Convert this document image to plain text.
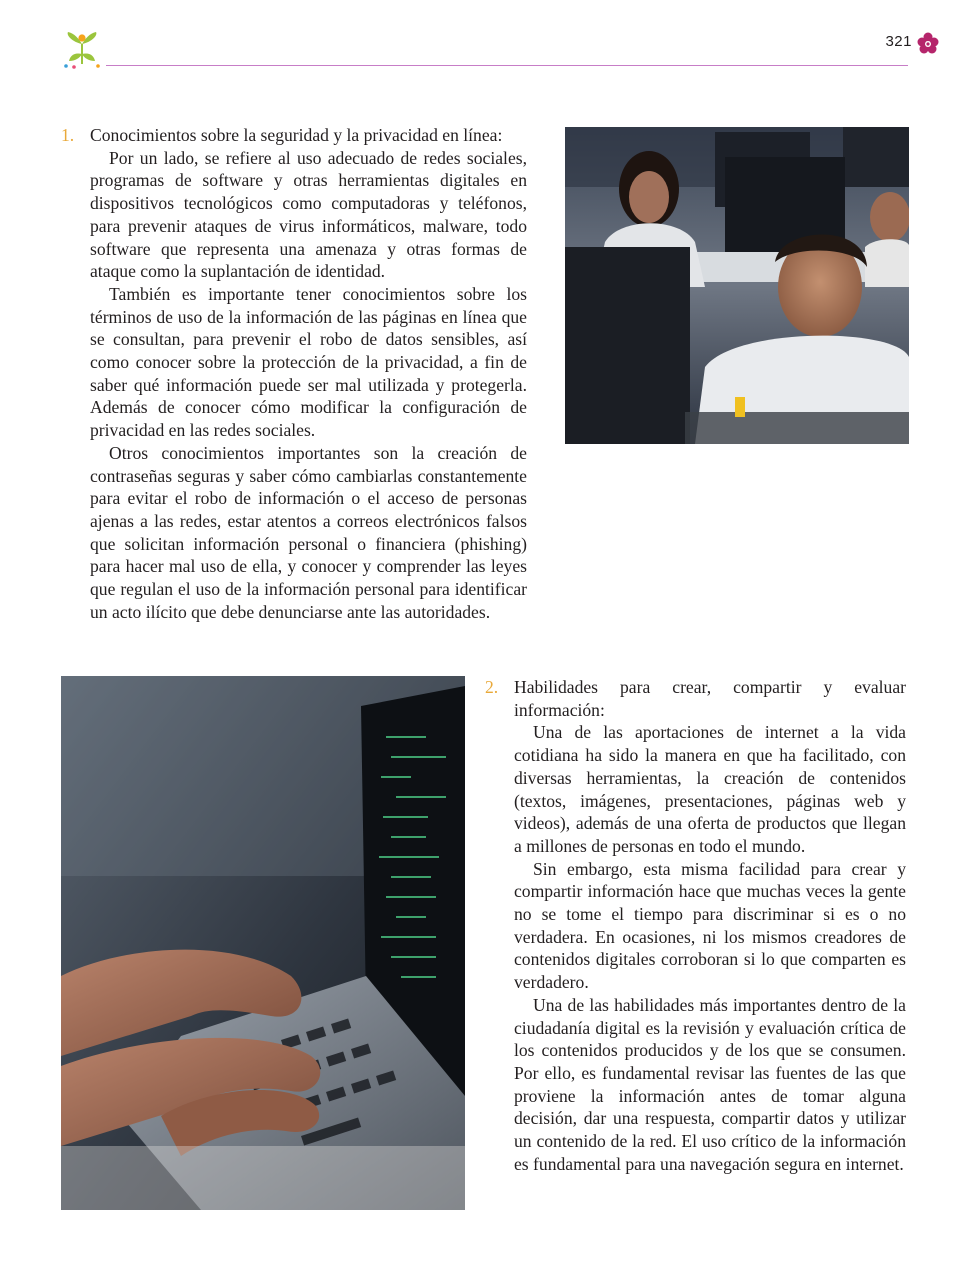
321
1. Conocimientos sobre la seguridad y la privacidad en línea:

Por un lado, se refiere al uso adecuado de redes sociales, programas de software y otras herramientas digitales en dispositivos tecnológicos como computadoras y teléfonos, para prevenir ataques de virus informáticos, malware, todo software que representa una amenaza y otras formas de ataque como la suplantación de identidad.

También es importante tener conocimientos sobre los términos de uso de la información de las páginas en línea que se consultan, para prevenir el robo de datos sensibles, así como conocer sobre la protección de la privacidad, a fin de saber qué información puede ser mal utilizada y protegerla. Además de conocer cómo modificar la configuración de privacidad en las redes sociales.

Otros conocimientos importantes son la creación de contraseñas seguras y saber cómo cambiarlas constantemente para evitar el robo de información o el acceso de personas ajenas a las redes, estar atentos a correos electrónicos falsos que solicitan información personal o financiera (phishing) para hacer mal uso de ella, y conocer y comprender las leyes que regulan el uso de la información personal para identificar un acto ilícito que debe denunciarse ante las autoridades.

2. Habilidades para crear, compartir y evaluar información:

Una de las aportaciones de internet a la vida cotidiana ha sido la manera en que ha facilitado, con diversas herramientas, la creación de contenidos (textos, imágenes, presentaciones, páginas web y videos), además de una oferta de productos que llegan a millones de personas en todo el mundo.

Sin embargo, esta misma facilidad para crear y compartir información hace que muchas veces la gente no se tome el tiempo para discriminar si es o no verdadera. En ocasiones, ni los mismos creadores de contenidos digitales corroboran si lo que comparten es verdadero.

Una de las habilidades más importantes dentro de la ciudadanía digital es la revisión y evaluación crítica de los contenidos producidos y de los que se consumen. Por ello, es fundamental revisar las fuentes de las que proviene la información antes de tomar alguna decisión, dar una respuesta, compartir datos y utilizar un contenido de la red. El uso crítico de la información es fundamental para una navegación segura en internet.
